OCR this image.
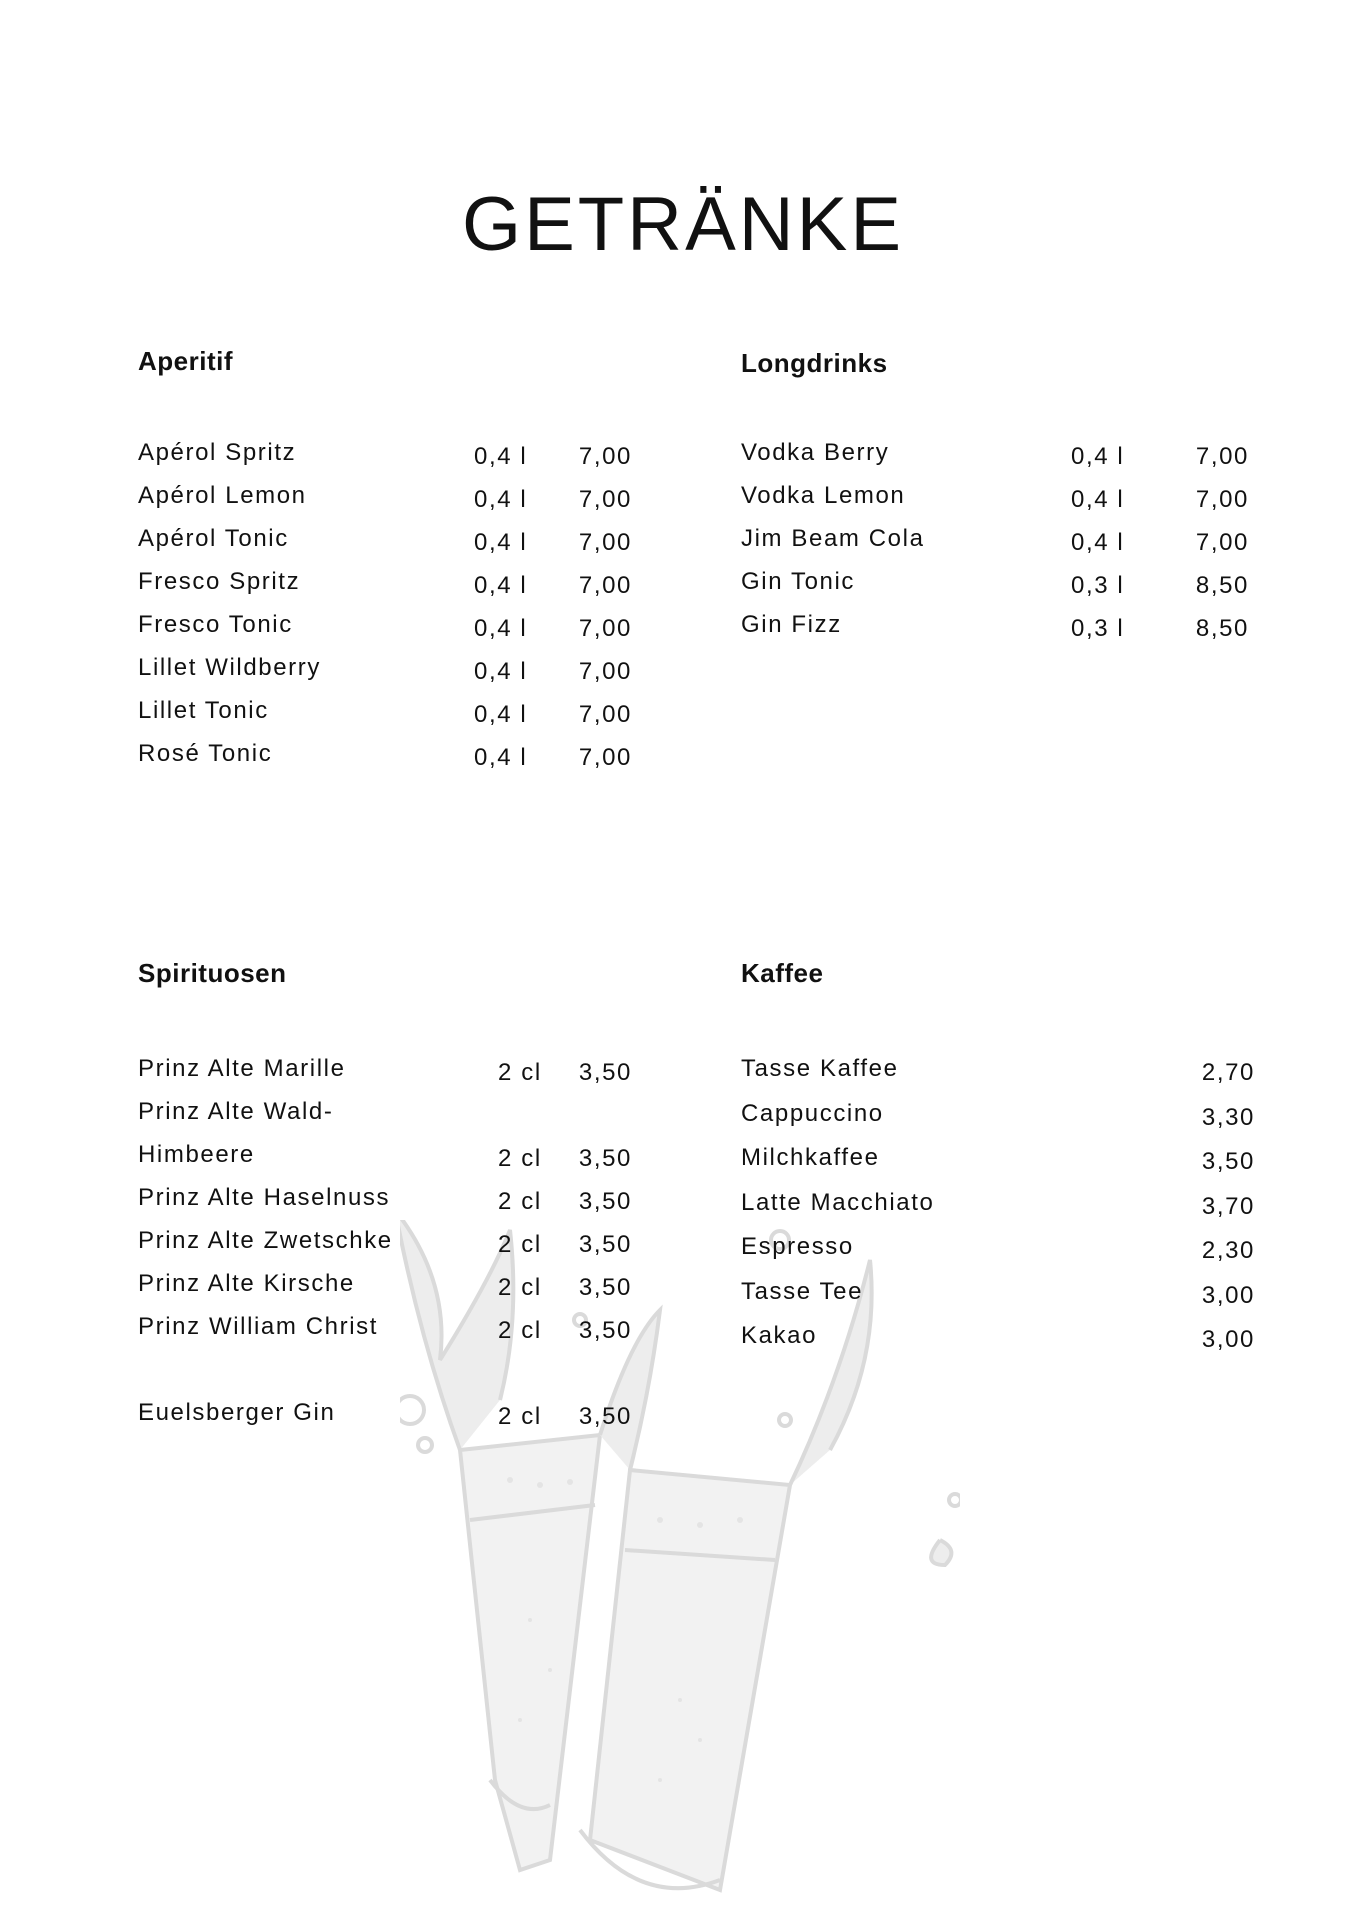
GETRÄNKE
Aperitif
Apérol Spritz	0,4 l 7,00
Apérol Lemon	0,4 l 7,00
Apérol Tonic	0,4 l 7,00
Fresco Spritz	0,4 l 7,00
Fresco Tonic	0,4 l 7,00
Lillet Wildberry	0,4 l 7,00
Lillet Tonic	0,4 l 7,00
Rosé Tonic	0,4 l 7,00
Longdrinks
Vodka Berry	0,4 l	7,00
Vodka Lemon	0,4 l	7,00
Jim Beam Cola	0,4 l	7,00
Gin Tonic	0,3 l	8,50
Gin Fizz	0,3 l	8,50
Spirituosen
Prinz Alte Marille	2 cl 3,50
Prinz Alte Wald-
Himbeere	2 cl 3,50
Prinz Alte Haselnuss	2 cl 3,50
Prinz Alte Zwetschke	2 cl 3,50
Prinz Alte Kirsche	2 cl 3,50
Prinz William Christ	2 cl 3,50
Euelsberger Gin	2 cl 3,50
Kaffee
Tasse Kaffee	2,70
Cappuccino	3,30
Milchkaffee	3,50
Latte Macchiato	3,70
Espresso	2,30
Tasse Tee	3,00
Kakao	3,00
